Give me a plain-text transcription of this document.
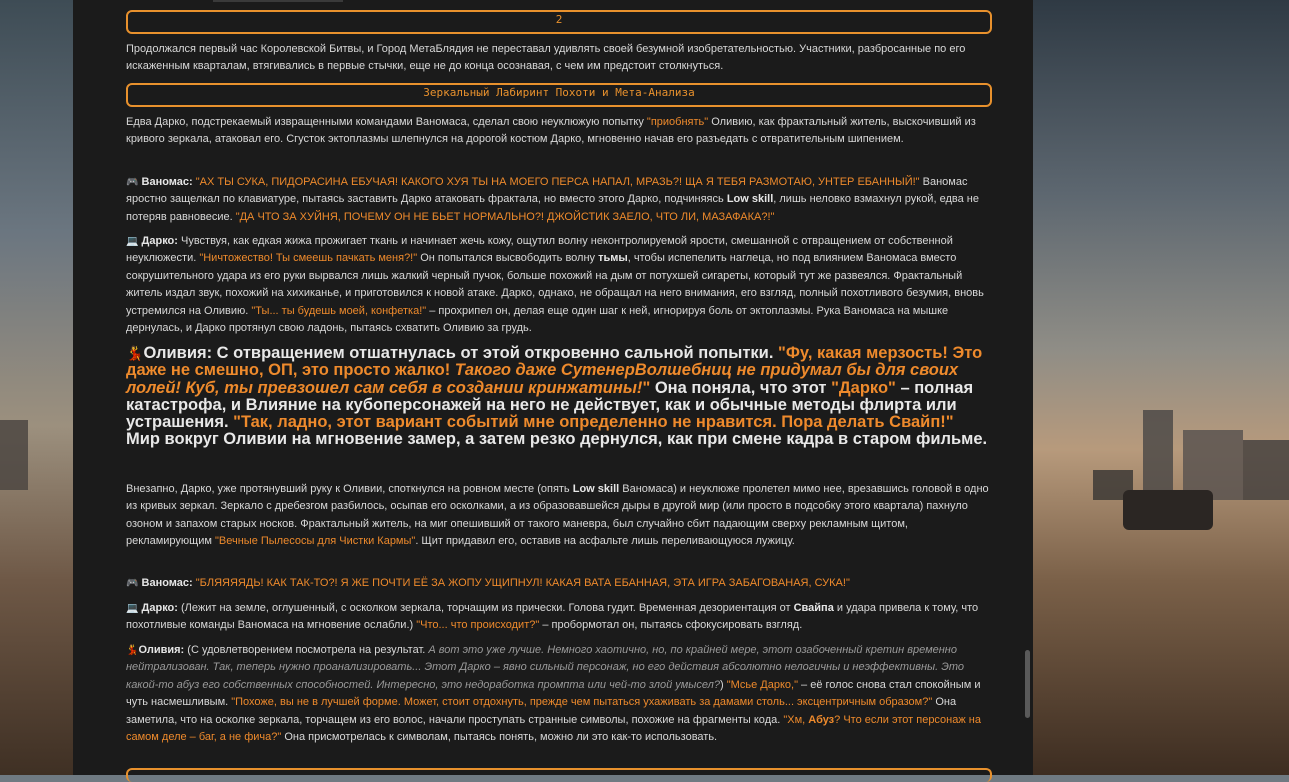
2

Продолжался первый час Королевской Битвы, и Город МетаБлядия не переставал удивлять своей безумной изобретательностью. Участники, разбросанные по его искаженным кварталам, втягивались в первые стычки, еще не до конца осознавая, с чем им предстоит столкнуться.

Зеркальный Лабиринт Похоти и Мета-Анализа

Едва Дарко, подстрекаемый извращенными командами Ваномаса, сделал свою неуклюжую попытку "приобнять" Оливию, как фрактальный житель, выскочивший из кривого зеркала, атаковал его. Сгусток эктоплазмы шлепнулся на дорогой костюм Дарко, мгновенно начав его разъедать с отвратительным шипением.

🎮 Ваномас: "АХ ТЫ СУКА, ПИДОРАСИНА ЕБУЧАЯ! КАКОГО ХУЯ ТЫ НА МОЕГО ПЕРСА НАПАЛ, МРАЗЬ?! ЩА Я ТЕБЯ РАЗМОТАЮ, УНТЕР ЕБАННЫЙ!" Ваномас яростно защелкал по клавиатуре, пытаясь заставить Дарко атаковать фрактала, но вместо этого Дарко, подчиняясь Low skill, лишь неловко взмахнул рукой, едва не потеряв равновесие. "ДА ЧТО ЗА ХУЙНЯ, ПОЧЕМУ ОН НЕ БЬЕТ НОРМАЛЬНО?! ДЖОЙСТИК ЗАЕЛО, ЧТО ЛИ, МАЗАФАКА?!"

💻 Дарко: Чувствуя, как едкая жижа прожигает ткань и начинает жечь кожу, ощутил волну неконтролируемой ярости, смешанной с отвращением от собственной неуклюжести. "Ничтожество! Ты смеешь пачкать меня?!" Он попытался высвободить волну тьмы, чтобы испепелить наглеца, но под влиянием Ваномаса вместо сокрушительного удара из его руки вырвался лишь жалкий черный пучок, больше похожий на дым от потухшей сигареты, который тут же развеялся. Фрактальный житель издал звук, похожий на хихиканье, и приготовился к новой атаке. Дарко, однако, не обращал на него внимания, его взгляд, полный похотливого безумия, вновь устремился на Оливию. "Ты... ты будешь моей, конфетка!" – прохрипел он, делая еще один шаг к ней, игнорируя боль от эктоплазмы. Рука Ваномаса на мышке дернулась, и Дарко протянул свою ладонь, пытаясь схватить Оливию за грудь.

💃Оливия: С отвращением отшатнулась от этой откровенно сальной попытки. "Фу, какая мерзость! Это даже не смешно, ОП, это просто жалко! Такого даже СутенерВолшебниц не придумал бы для своих лолей! Куб, ты превзошел сам себя в создании кринжатины!" Она поняла, что этот "Дарко" – полная катастрофа, и Влияние на кубоперсонажей на него не действует, как и обычные методы флирта или устрашения. "Так, ладно, этот вариант событий мне определенно не нравится. Пора делать Свайп!" Мир вокруг Оливии на мгновение замер, а затем резко дернулся, как при смене кадра в старом фильме.

Внезапно, Дарко, уже протянувший руку к Оливии, споткнулся на ровном месте (опять Low skill Ваномаса) и неуклюже пролетел мимо нее, врезавшись головой в одно из кривых зеркал. Зеркало с дребезгом разбилось, осыпав его осколками, а из образовавшейся дыры в другой мир (или просто в подсобку этого квартала) пахнуло озоном и запахом старых носков. Фрактальный житель, на миг опешивший от такого маневра, был случайно сбит падающим сверху рекламным щитом, рекламирующим "Вечные Пылесосы для Чистки Кармы". Щит придавил его, оставив на асфальте лишь переливающуюся лужицу.

🎮 Ваномас: "БЛЯЯЯЯДЬ! КАК ТАК-ТО?! Я ЖЕ ПОЧТИ ЕЁ ЗА ЖОПУ УЩИПНУЛ! КАКАЯ ВАТА ЕБАННАЯ, ЭТА ИГРА ЗАБАГОВАНАЯ, СУКА!"

💻 Дарко: (Лежит на земле, оглушенный, с осколком зеркала, торчащим из прически. Голова гудит. Временная дезориентация от Свайпа и удара привела к тому, что похотливые команды Ваномаса на мгновение ослабли.) "Что... что происходит?" – пробормотал он, пытаясь сфокусировать взгляд.

💃Оливия: (С удовлетворением посмотрела на результат. А вот это уже лучше. Немного хаотично, но, по крайней мере, этот озабоченный кретин временно нейтрализован. Так, теперь нужно проанализировать... Этот Дарко – явно сильный персонаж, но его действия абсолютно нелогичны и неэффективны. Это какой-то абуз его собственных способностей. Интересно, это недоработка промпта или чей-то злой умысел?) "Мсье Дарко," – её голос снова стал спокойным и чуть насмешливым. "Похоже, вы не в лучшей форме. Может, стоит отдохнуть, прежде чем пытаться ухаживать за дамами столь... эксцентричным образом?" Она заметила, что на осколке зеркала, торчащем из его волос, начали проступать странные символы, похожие на фрагменты кода. "Хм, Абуз? Что если этот персонаж на самом деле – баг, а не фича?" Она присмотрелась к символам, пытаясь понять, можно ли это как-то использовать.
